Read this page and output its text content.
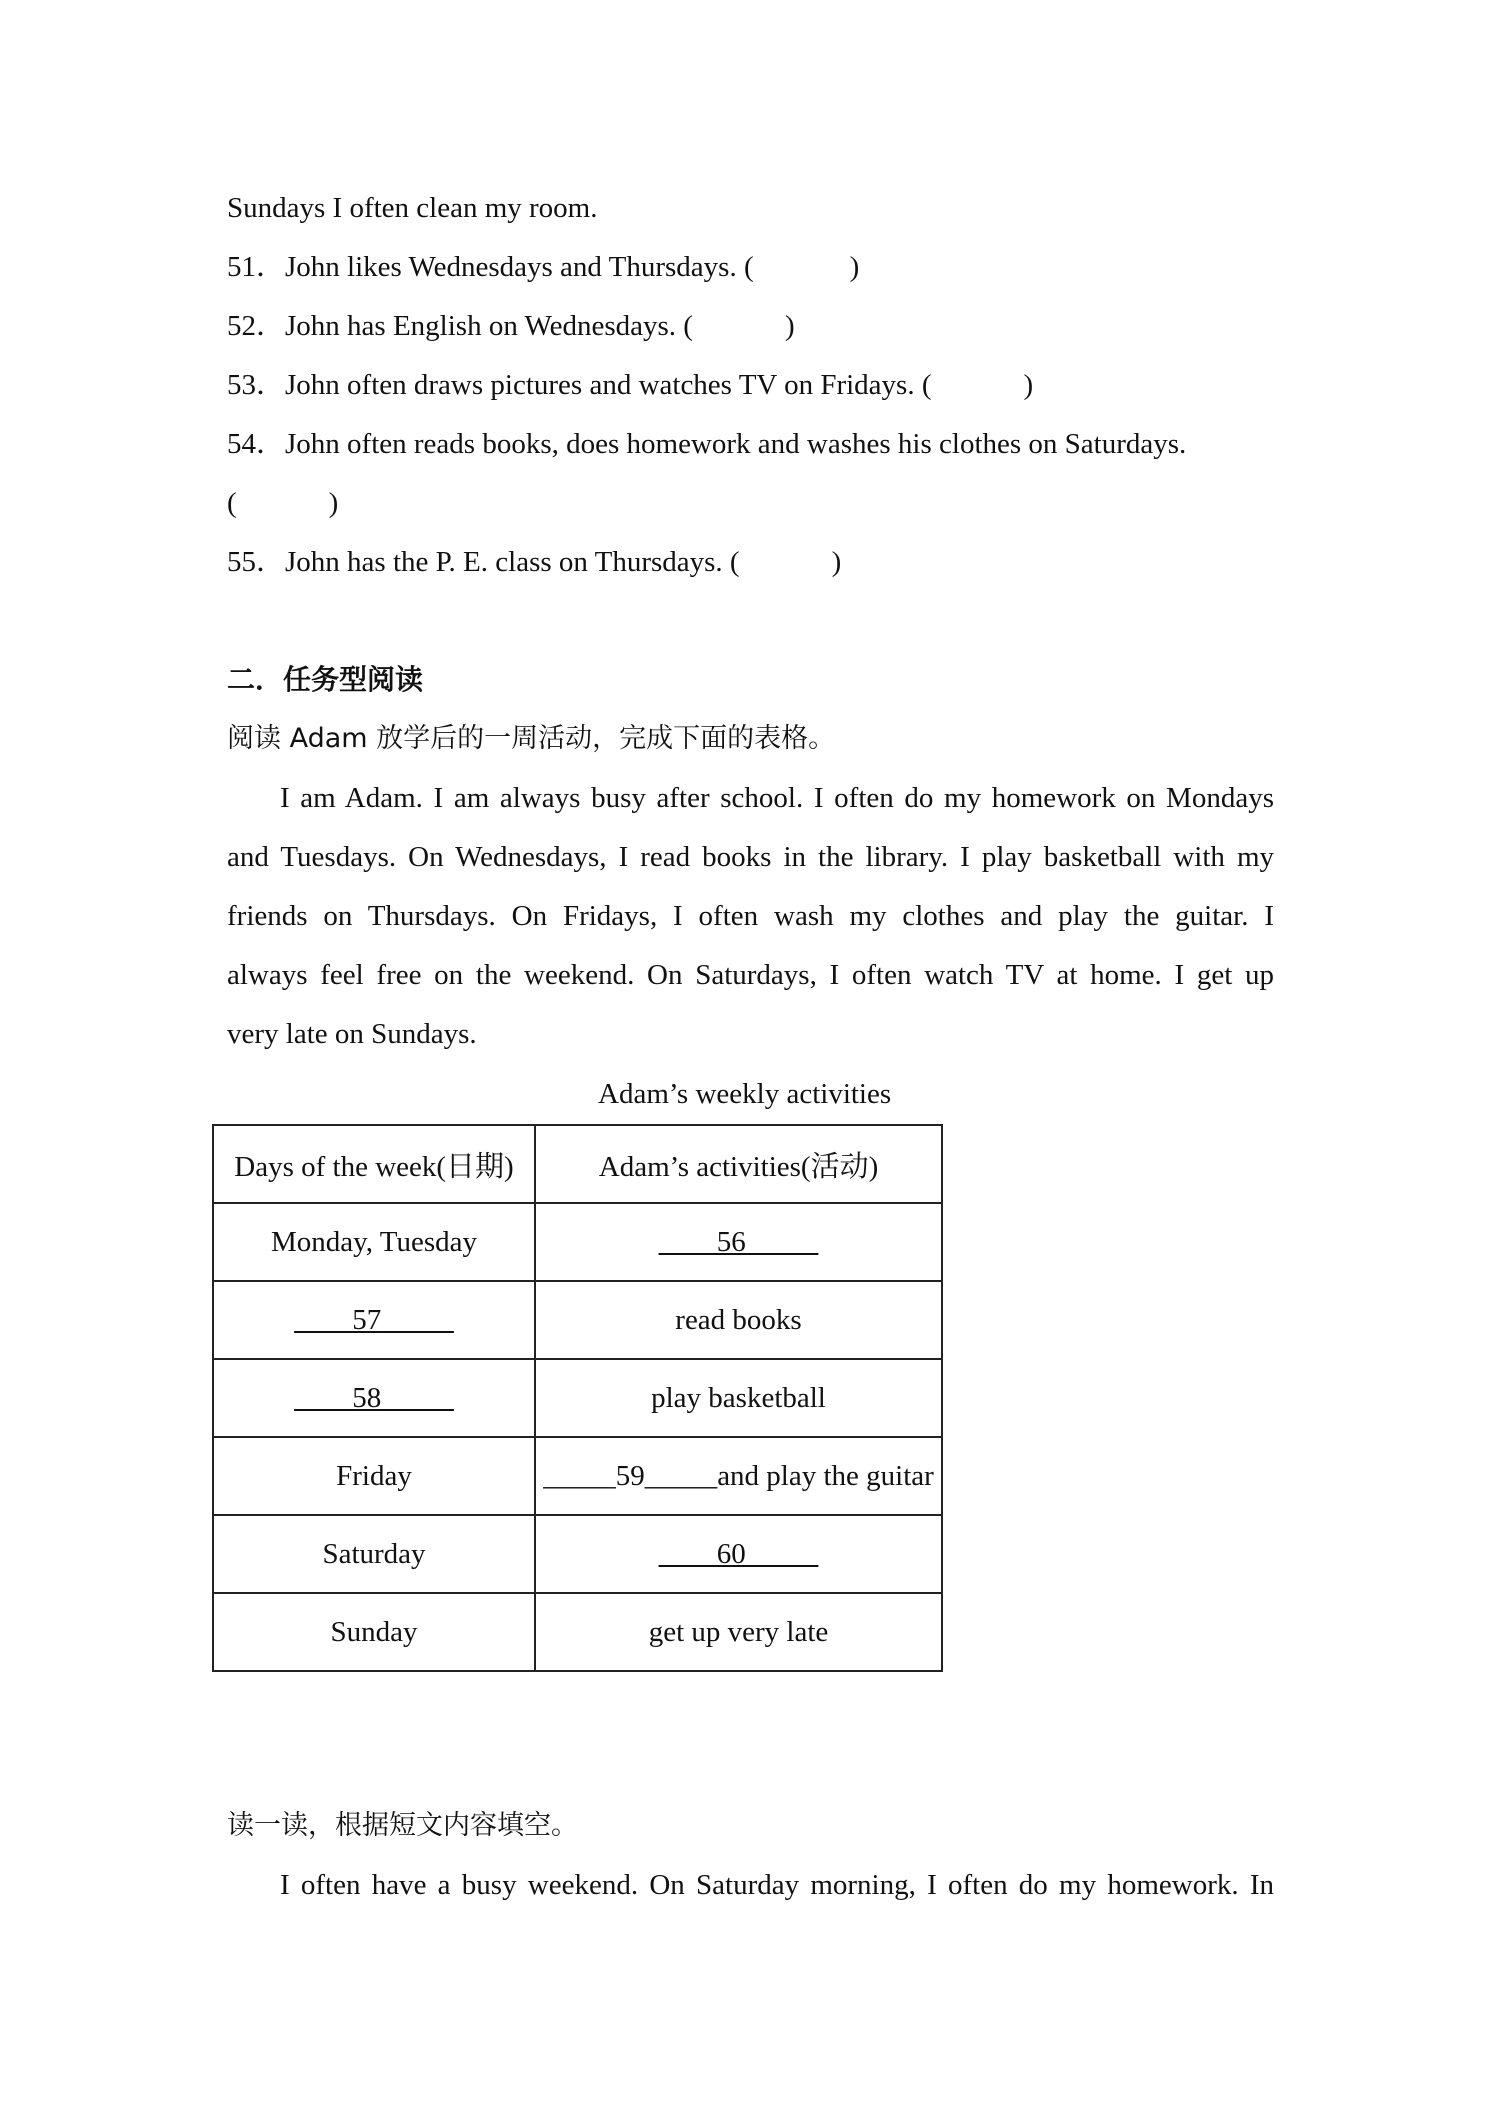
Sundays I often clean my room.
51．John likes Wednesdays and Thursdays. (	)
52．John has English on Wednesdays. (	)
53．John often draws pictures and watches TV on Fridays. (	)
54．John often reads books, does homework and washes his clothes on Saturdays.
(	)
55．John has the P. E. class on Thursdays. (	)
二．任务型阅读
阅读 Adam 放学后的一周活动，完成下面的表格。
I am Adam. I am always busy after school. I often do my homework on Mondays
and Tuesdays. On Wednesdays, I read books in the library. I play basketball with my
friends on Thursdays. On Fridays, I often wash my clothes and play the guitar. I
always feel free on the weekend. On Saturdays, I often watch TV at home. I get up
very late on Sundays.
Adam’s weekly activities
Days of the week(日期)	Adam’s activities(活动)
Monday, Tuesday	____56_____
____57_____	read books
____58_____	play basketball
Friday	_____59_____and play the guitar
Saturday	____60_____
Sunday	get up very late
读一读，根据短文内容填空。
I often have a busy weekend. On Saturday morning, I often do my homework. In
